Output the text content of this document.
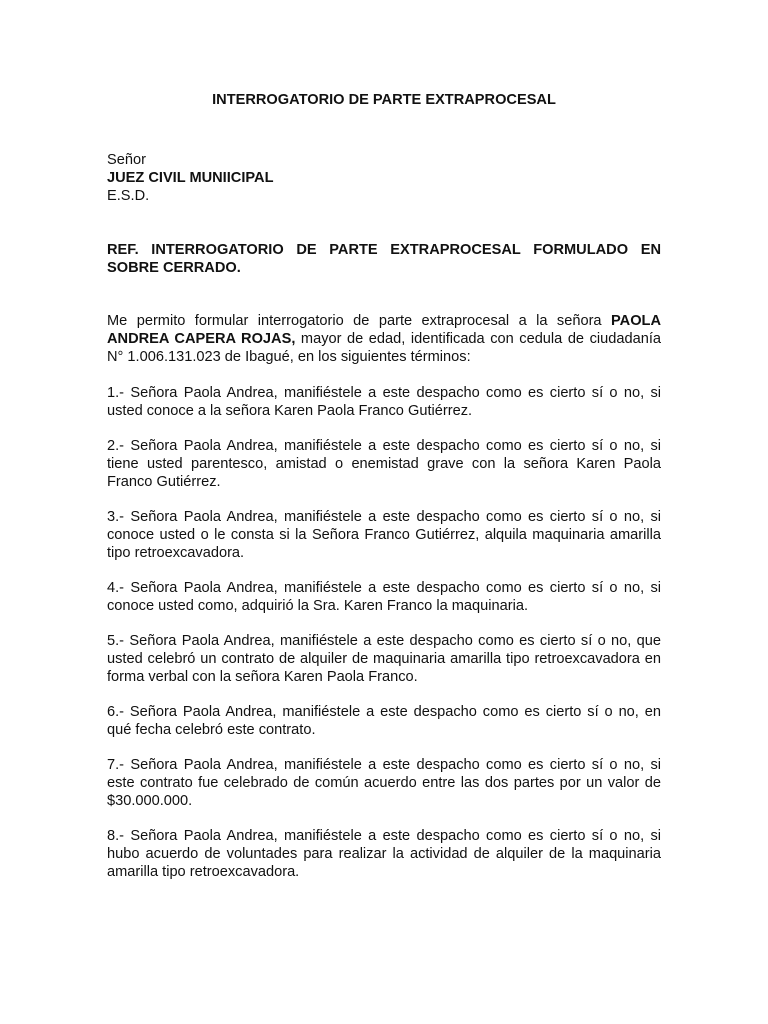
INTERROGATORIO DE PARTE EXTRAPROCESAL
Señor
JUEZ CIVIL MUNIICIPAL
E.S.D.
REF. INTERROGATORIO DE PARTE EXTRAPROCESAL FORMULADO EN SOBRE CERRADO.
Me permito formular interrogatorio de parte extraprocesal a la señora PAOLA ANDREA CAPERA ROJAS, mayor de edad, identificada con cedula de ciudadanía N° 1.006.131.023 de Ibagué, en los siguientes términos:

1.- Señora Paola Andrea, manifiéstele a este despacho como es cierto sí o no, si usted conoce a la señora Karen Paola Franco Gutiérrez.

2.- Señora Paola Andrea, manifiéstele a este despacho como es cierto sí o no, si tiene usted parentesco, amistad o enemistad grave con la señora Karen Paola Franco Gutiérrez.

3.- Señora Paola Andrea, manifiéstele a este despacho como es cierto sí o no, si conoce usted o le consta si la Señora Franco Gutiérrez, alquila maquinaria amarilla tipo retroexcavadora.

4.- Señora Paola Andrea, manifiéstele a este despacho como es cierto sí o no, si conoce usted como, adquirió la Sra. Karen Franco la maquinaria.

5.- Señora Paola Andrea, manifiéstele a este despacho como es cierto sí o no, que usted celebró un contrato de alquiler de maquinaria amarilla tipo retroexcavadora en forma verbal con la señora Karen Paola Franco.

6.- Señora Paola Andrea, manifiéstele a este despacho como es cierto sí o no, en qué fecha celebró este contrato.

7.- Señora Paola Andrea, manifiéstele a este despacho como es cierto sí o no, si este contrato fue celebrado de común acuerdo entre las dos partes por un valor de $30.000.000.

8.- Señora Paola Andrea, manifiéstele a este despacho como es cierto sí o no, si hubo acuerdo de voluntades para realizar la actividad de alquiler de la maquinaria amarilla tipo retroexcavadora.
